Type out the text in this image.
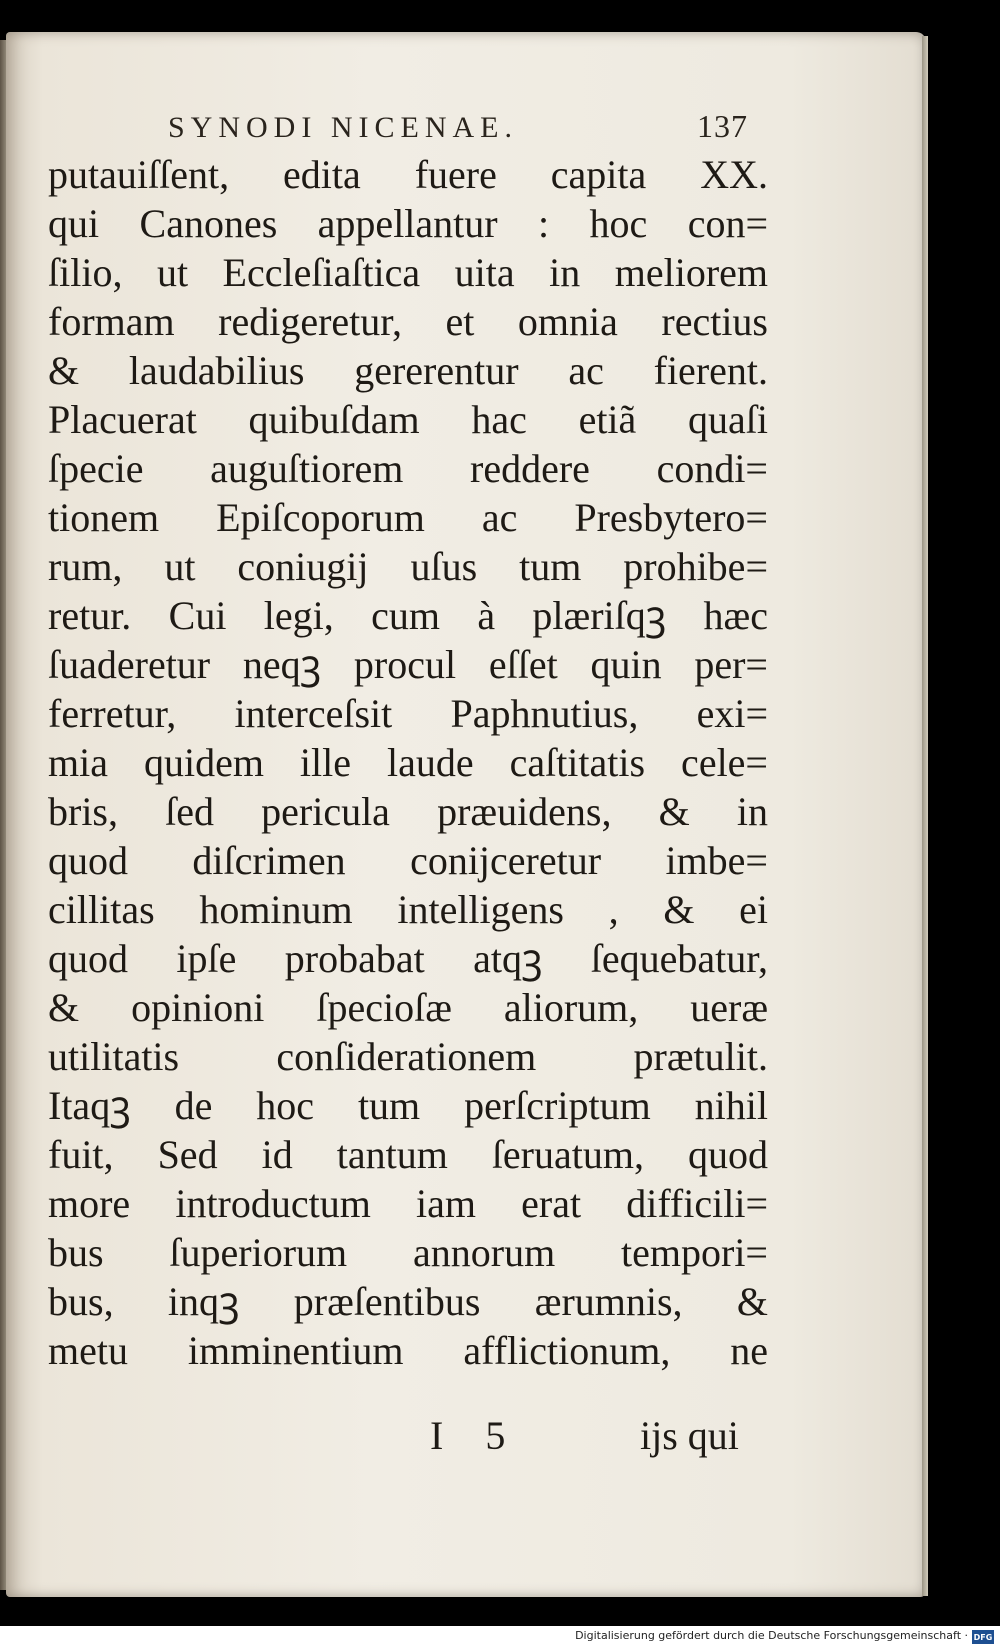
SYNODI NICENAE.	137
putauiſſent, edita fuere capita XX.
qui Canones appellantur : hoc con=
ſilio, ut Eccleſiaſtica uita in meliorem
formam redigeretur, et omnia rectius
& laudabilius gererentur ac fierent.
Placuerat quibuſdam hac etiã quaſi
ſpecie auguſtiorem reddere condi=
tionem Epiſcoporum ac Presbytero=
rum, ut coniugij uſus tum prohibe=
retur. Cui legi, cum à plæriſqꝫ hæc
ſuaderetur neqꝫ procul eſſet quin per=
ferretur, interceſsit Paphnutius, exi=
mia quidem ille laude caſtitatis cele=
bris, ſed pericula præuidens, & in
quod diſcrimen conijceretur imbe=
cillitas hominum intelligens , & ei
quod ipſe probabat atqꝫ ſequebatur,
& opinioni ſpecioſæ aliorum, ueræ
utilitatis conſiderationem prætulit.
Itaqꝫ de hoc tum perſcriptum nihil
fuit, Sed id tantum ſeruatum, quod
more introductum iam erat difficili=
bus ſuperiorum annorum tempori=
bus, inqꝫ præſentibus ærumnis, &
metu imminentium afflictionum, ne
I 5	ijs qui
Digitalisierung gefördert durch die Deutsche Forschungsgemeinschaft · DFG
